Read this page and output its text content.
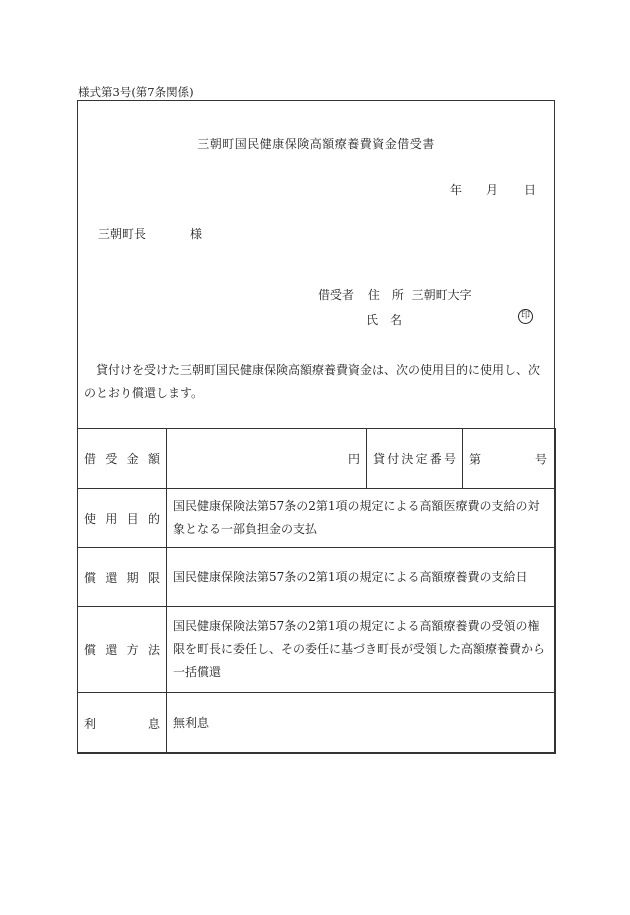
様式第3号(第7条関係)
三朝町国民健康保険高額療養費資金借受書
年 月 日
三朝町長	様
借受者 住　所 三朝町大字
氏　名	印
貸付けを受けた三朝町国民健康保険高額療養費資金は、次の使用目的に使用し、次のとおり償還します。
借受金額	円	貸付決定番号	第 号

使用目的	国民健康保険法第57条の2第1項の規定による高額医療費の支給の対象となる一部負担金の支払		
償還期限	国民健康保険法第57条の2第1項の規定による高額療養費の支給日		
償還方法	国民健康保険法第57条の2第1項の規定による高額療養費の受領の権限を町長に委任し、その委任に基づき町長が受領した高額療養費から一括償還		
利息	無利息		
